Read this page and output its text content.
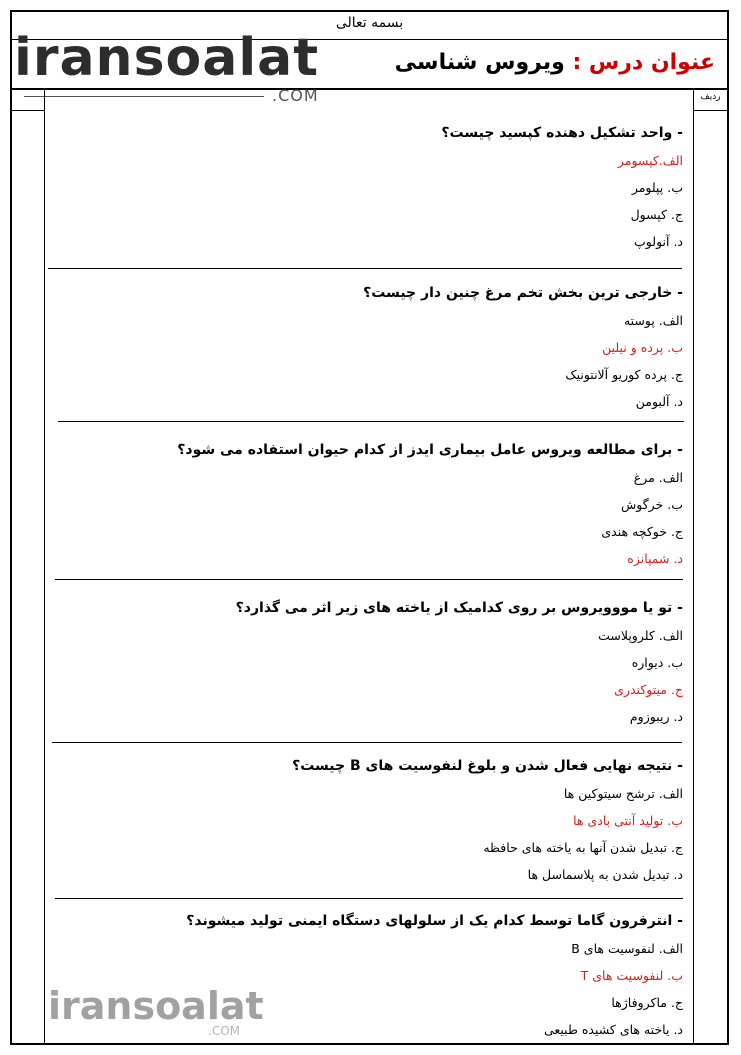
بسمه تعالی
عنوان درس : ویروس شناسی
iransoalat
.COM	ردیف
- واحد تشکیل دهنده کپسید چیست؟
الف.کپسومر
ب. پپلومر
ج. کپسول
د. آنولوپ
- خارجی ترین بخش تخم مرغ چنین دار چیست؟
الف. پوسته
ب. پرده و نیلین
ج. پرده کوریو آلانتونیک
د. آلبومن
- برای مطالعه ویروس عامل بیماری ایدز از کدام حیوان استفاده می شود؟
الف. مرغ
ب. خرگوش
ج. خوکچه هندی
د. شمپانزه
- تو یا مووویروس بر روی کدامیک از یاخته های زیر اثر می گذارد؟
الف. کلروپلاست
ب. دیواره
ج. میتوکندری
د. ریبوزوم
- نتیجه نهایی فعال شدن و بلوغ لنفوسیت های B چیست؟
الف. ترشح سیتوکین ها
ب. تولید آنتی بادی ها
ج. تبدیل شدن آنها به یاخته های حافظه
د. تبدیل شدن به پلاسماسل ها
- انترفرون گاما توسط کدام یک از سلولهای دستگاه ایمنی تولید میشوند؟
الف. لنفوسیت های B
ب. لنفوسیت های T
ج. ماکروفاژها
د. یاخته های کشیده طبیعی
iransoalat
.COM
